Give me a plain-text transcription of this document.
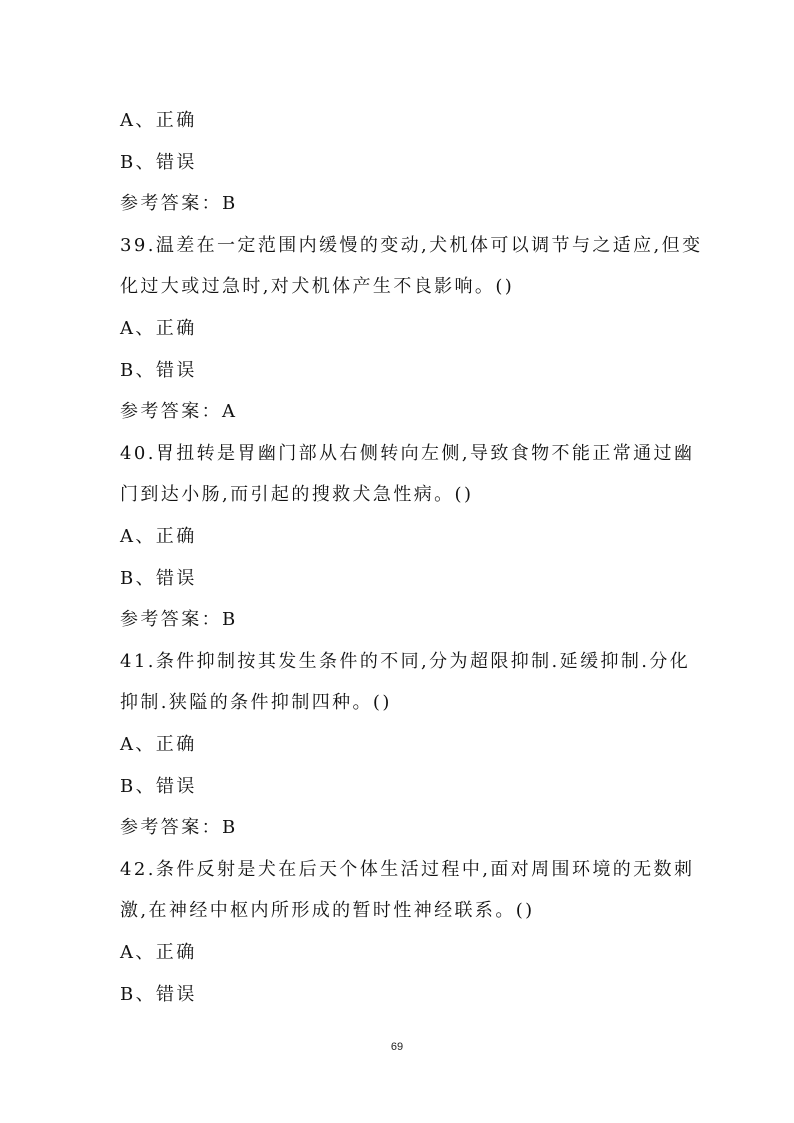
A、正确
B、错误
参考答案：B
39.温差在一定范围内缓慢的变动,犬机体可以调节与之适应,但变
化过大或过急时,对犬机体产生不良影响。()
A、正确
B、错误
参考答案：A
40.胃扭转是胃幽门部从右侧转向左侧,导致食物不能正常通过幽
门到达小肠,而引起的搜救犬急性病。()
A、正确
B、错误
参考答案：B
41.条件抑制按其发生条件的不同,分为超限抑制.延缓抑制.分化
抑制.狭隘的条件抑制四种。()
A、正确
B、错误
参考答案：B
42.条件反射是犬在后天个体生活过程中,面对周围环境的无数刺
激,在神经中枢内所形成的暂时性神经联系。()
A、正确
B、错误
69
